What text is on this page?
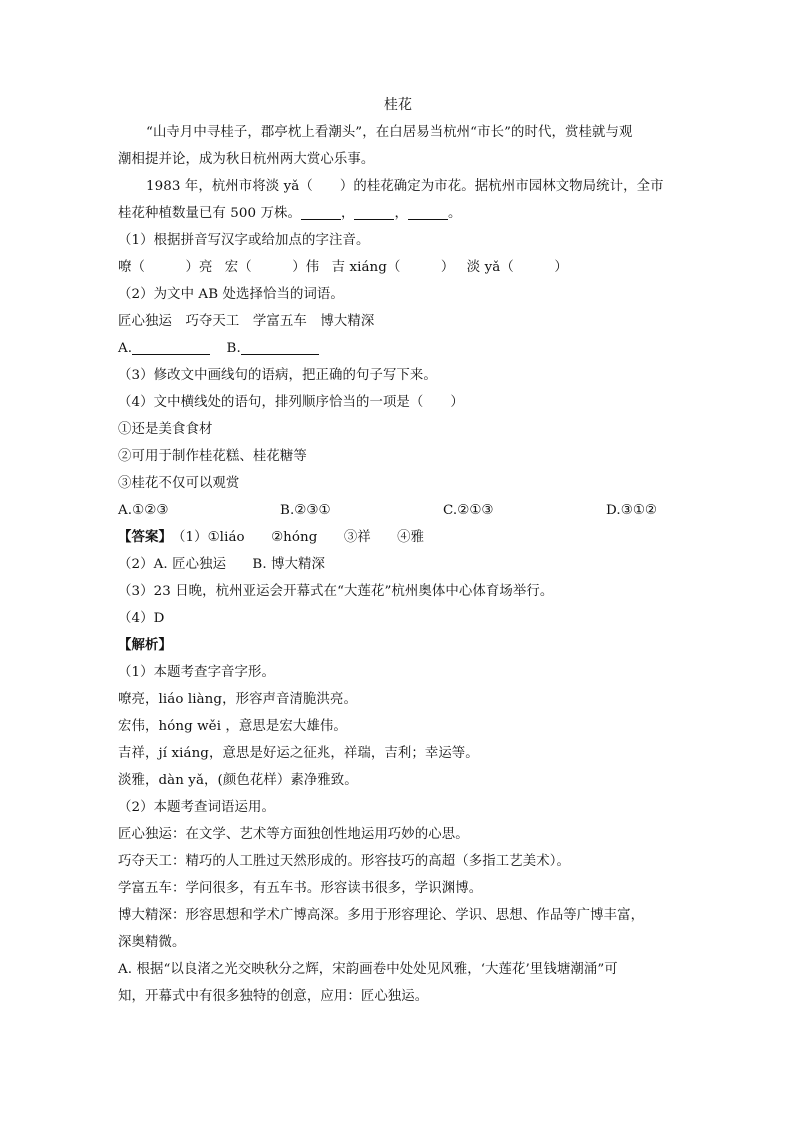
桂花
“山寺月中寻桂子，郡亭枕上看潮头”，在白居易当杭州“市长”的时代，赏桂就与观
潮相提并论，成为秋日杭州两大赏心乐事。
1983 年，杭州市将淡 yǎ（　　）的桂花确定为市花。据杭州市园林文物局统计，全市
桂花种植数量已有 500 万株。	，	，	。
（1）根据拼音写汉字或给加点的字注音。
嘹（　　　）亮 宏（　　　）伟 吉 xiáng（　　　） 淡 yǎ（　　　）
（2）为文中 AB 处选择恰当的词语。
匠心独运　巧夺天工　学富五车　博大精深
A.	B.
（3）修改文中画线句的语病，把正确的句子写下来。
（4）文中横线处的语句，排列顺序恰当的一项是（　　）
①还是美食食材
②可用于制作桂花糕、桂花糖等
③桂花不仅可以观赏
A.①②③	B.②③①	C.②①③	D.③①②
【答案】（1）①liáo ②hóng ③祥 ④雅
（2）A. 匠心独运 B. 博大精深
（3）23 日晚，杭州亚运会开幕式在“大莲花”杭州奥体中心体育场举行。
（4）D
【解析】
（1）本题考查字音字形。
嘹亮，liáo liàng，形容声音清脆洪亮。
宏伟，hóng wěi ，意思是宏大雄伟。
吉祥，jí xiáng，意思是好运之征兆，祥瑞，吉利；幸运等。
淡雅，dàn yǎ，(颜色花样）素净雅致。
（2）本题考查词语运用。
匠心独运：在文学、艺术等方面独创性地运用巧妙的心思。
巧夺天工：精巧的人工胜过天然形成的。形容技巧的高超（多指工艺美术）。
学富五车：学问很多，有五车书。形容读书很多，学识渊博。
博大精深：形容思想和学术广博高深。多用于形容理论、学识、思想、作品等广博丰富，
深奥精微。
A. 根据“以良渚之光交映秋分之辉，宋韵画卷中处处见风雅，‘大莲花’里钱塘潮涌”可
知，开幕式中有很多独特的创意，应用：匠心独运。
